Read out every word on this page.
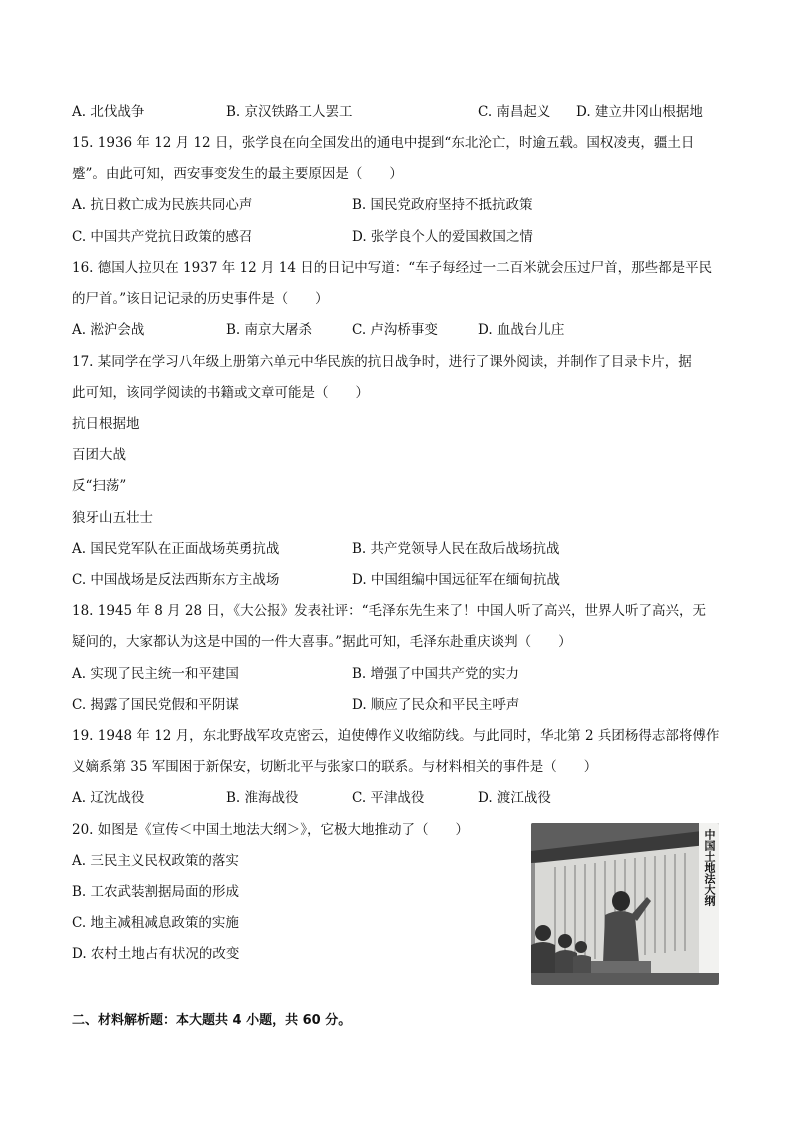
A. 北伐战争	B. 京汉铁路工人罢工	C. 南昌起义 D. 建立井冈山根据地
15. 1936 年 12 月 12 日，张学良在向全国发出的通电中提到“东北沦亡，时逾五载。国权凌夷，疆土日
蹙”。由此可知，西安事变发生的最主要原因是（　　）
A. 抗日救亡成为民族共同心声	B. 国民党政府坚持不抵抗政策
C. 中国共产党抗日政策的感召	D. 张学良个人的爱国救国之情
16. 德国人拉贝在 1937 年 12 月 14 日的日记中写道：“车子每经过一二百米就会压过尸首，那些都是平民
的尸首。”该日记记录的历史事件是（　　）
A. 淞沪会战	B. 南京大屠杀	C. 卢沟桥事变	D. 血战台儿庄
17. 某同学在学习八年级上册第六单元中华民族的抗日战争时，进行了课外阅读，并制作了目录卡片，据
此可知，该同学阅读的书籍或文章可能是（　　）
抗日根据地
百团大战
反“扫荡”
狼牙山五壮士
A. 国民党军队在正面战场英勇抗战	B. 共产党领导人民在敌后战场抗战
C. 中国战场是反法西斯东方主战场	D. 中国组编中国远征军在缅甸抗战
18. 1945 年 8 月 28 日，《大公报》发表社评：“毛泽东先生来了！中国人听了高兴，世界人听了高兴，无
疑问的，大家都认为这是中国的一件大喜事。”据此可知，毛泽东赴重庆谈判（　　）
A. 实现了民主统一和平建国	B. 增强了中国共产党的实力
C. 揭露了国民党假和平阴谋	D. 顺应了民众和平民主呼声
19. 1948 年 12 月，东北野战军攻克密云，迫使傅作义收缩防线。与此同时，华北第 2 兵团杨得志部将傅作
义嫡系第 35 军围困于新保安，切断北平与张家口的联系。与材料相关的事件是（　　）
A. 辽沈战役	B. 淮海战役	C. 平津战役	D. 渡江战役
20. 如图是《宣传＜中国土地法大纲＞》，它极大地推动了（　　）
A. 三民主义民权政策的落实
B. 工农武装割据局面的形成
C. 地主减租减息政策的实施
D. 农村土地占有状况的改变
中国土地法大纲
二、材料解析题：本大题共 4 小题，共 60 分。
